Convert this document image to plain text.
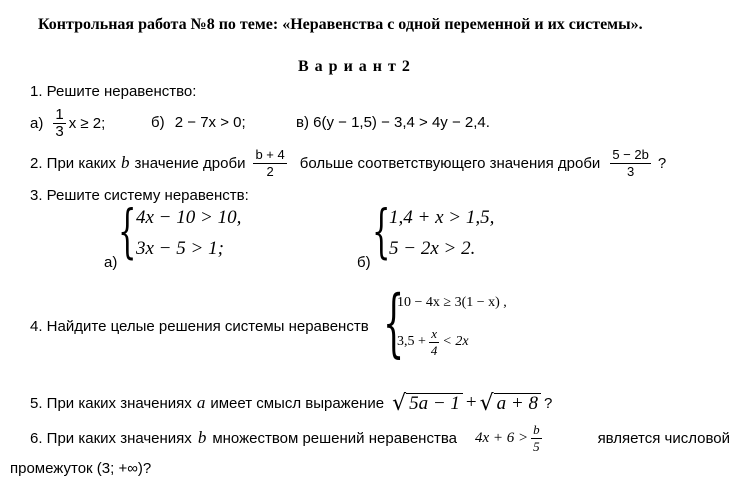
Контрольная работа №8 по теме: «Неравенства с одной переменной и их системы».
В а р и а н т 2
1. Решите неравенство:
$а) \frac{1}{3}$ x ≥ 2;	б) 2 − 7x > 0;	в) 6(y − 1,5) − 3,4 > 4y − 2,4.
2. При каких b значение дроби $\frac{b + 4}{2}$ больше соответствующего значения дроби $\frac{5 - 2b}{3}$ ?
3. Решите систему неравенств:
а) { 4x − 10 > 10,
3x − 5 > 1;
б) {
1,4 + x > 1,5,
5 − 2x > 2.
4. Найдите целые решения системы неравенств {
10 − 4x ≥ 3(1 − x) ,
$3,5 + \frac{x}{4} < 2x$
5. При каких значениях a имеет смысл выражение √ 5a − 1 + √ a + 8 ?
6. При каких значениях b множеством решений неравенства $4x + 6 > \frac{b}{5}$	является числовой
промежуток (3; +∞)?
